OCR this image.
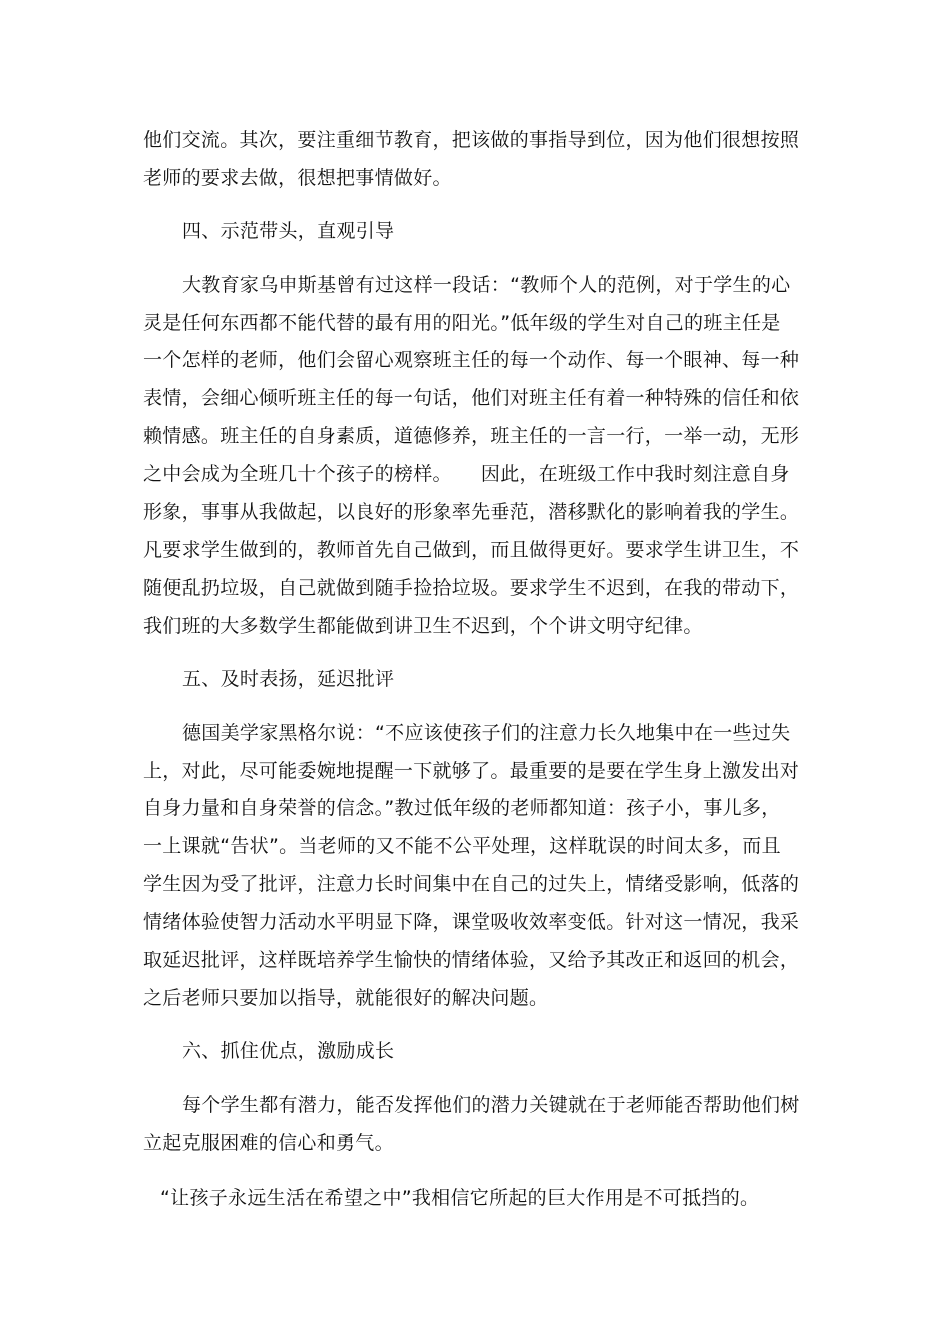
他们交流。其次，要注重细节教育，把该做的事指导到位，因为他们很想按照
老师的要求去做，很想把事情做好。
四、示范带头，直观引导
大教育家乌申斯基曾有过这样一段话：“教师个人的范例，对于学生的心
灵是任何东西都不能代替的最有用的阳光。”低年级的学生对自己的班主任是
一个怎样的老师，他们会留心观察班主任的每一个动作、每一个眼神、每一种
表情，会细心倾听班主任的每一句话，他们对班主任有着一种特殊的信任和依
赖情感。班主任的自身素质，道德修养，班主任的一言一行，一举一动，无形
之中会成为全班几十个孩子的榜样。　　因此，在班级工作中我时刻注意自身
形象，事事从我做起，以良好的形象率先垂范，潜移默化的影响着我的学生。
凡要求学生做到的，教师首先自己做到，而且做得更好。要求学生讲卫生，不
随便乱扔垃圾，自己就做到随手捡拾垃圾。要求学生不迟到，在我的带动下，
我们班的大多数学生都能做到讲卫生不迟到，个个讲文明守纪律。
五、及时表扬，延迟批评
德国美学家黑格尔说：“不应该使孩子们的注意力长久地集中在一些过失
上，对此，尽可能委婉地提醒一下就够了。最重要的是要在学生身上激发出对
自身力量和自身荣誉的信念。”教过低年级的老师都知道：孩子小，事儿多，
一上课就“告状”。当老师的又不能不公平处理，这样耽误的时间太多，而且
学生因为受了批评，注意力长时间集中在自己的过失上，情绪受影响，低落的
情绪体验使智力活动水平明显下降，课堂吸收效率变低。针对这一情况，我采
取延迟批评，这样既培养学生愉快的情绪体验，又给予其改正和返回的机会，
之后老师只要加以指导，就能很好的解决问题。
六、抓住优点，激励成长
每个学生都有潜力，能否发挥他们的潜力关键就在于老师能否帮助他们树
立起克服困难的信心和勇气。
“让孩子永远生活在希望之中”我相信它所起的巨大作用是不可抵挡的。
